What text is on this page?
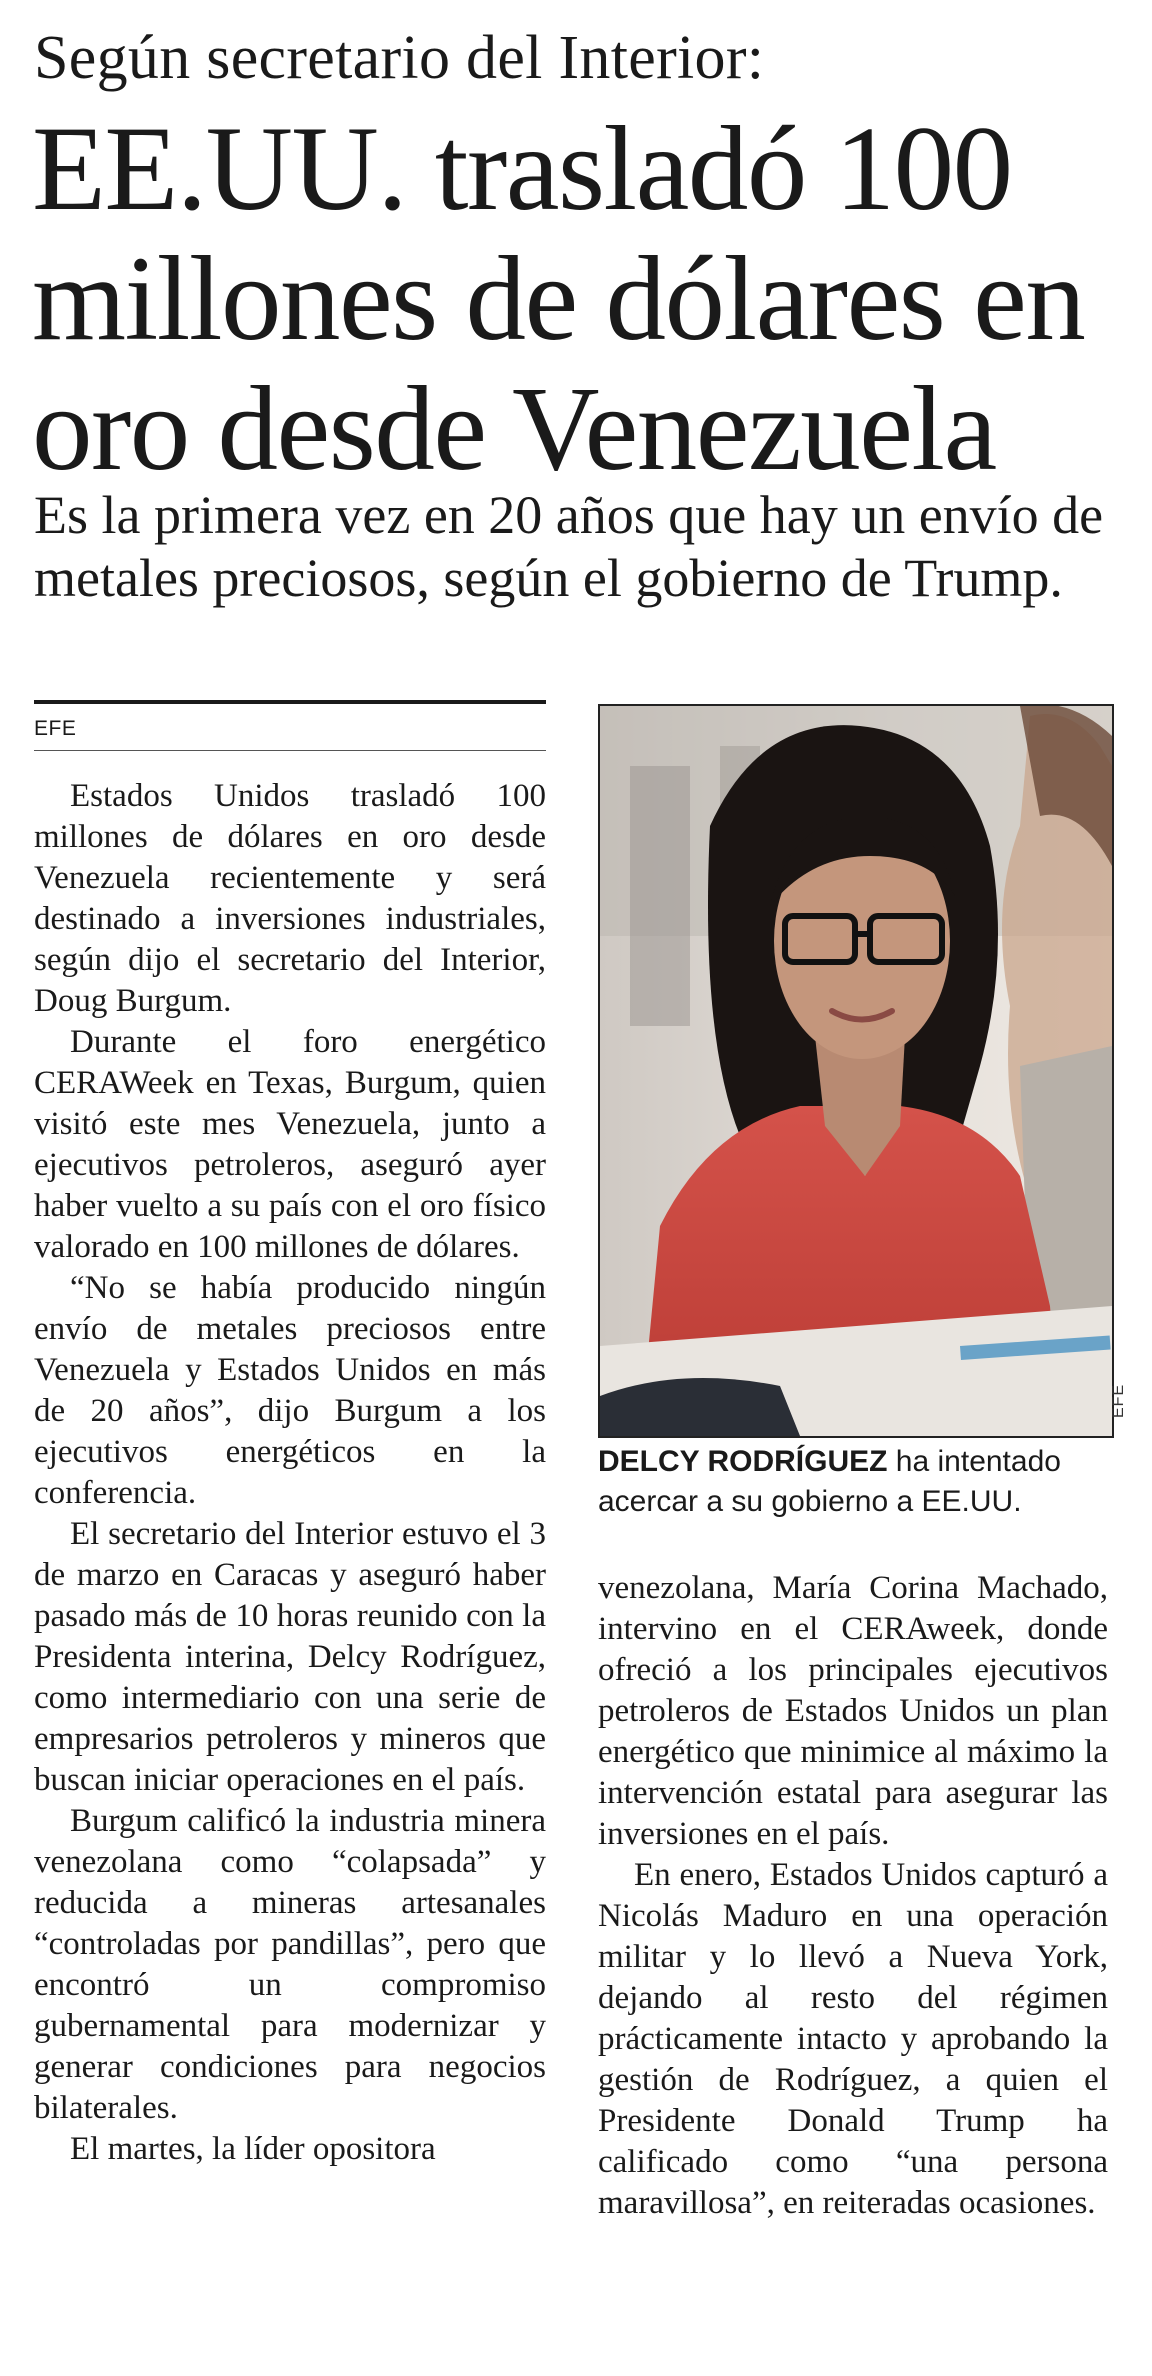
Según secretario del Interior:
EE.UU. trasladó 100 millones de dólares en oro desde Venezuela
Es la primera vez en 20 años que hay un envío de metales preciosos, según el gobierno de Trump.
EFE

Estados Unidos trasladó 100 millones de dólares en oro desde Venezuela recientemente y será destinado a inversiones industriales, según dijo el secretario del Interior, Doug Burgum.

Durante el foro energético CERAWeek en Texas, Burgum, quien visitó este mes Venezuela, junto a ejecutivos petroleros, aseguró ayer haber vuelto a su país con el oro físico valorado en 100 millones de dólares.

“No se había producido ningún envío de metales preciosos entre Venezuela y Estados Unidos en más de 20 años”, dijo Burgum a los ejecutivos energéticos en la conferencia.

El secretario del Interior estuvo el 3 de marzo en Caracas y aseguró haber pasado más de 10 horas reunido con la Presidenta interina, Delcy Rodríguez, como intermediario con una serie de empresarios petroleros y mineros que buscan iniciar operaciones en el país.

Burgum calificó la industria minera venezolana como “colapsada” y reducida a mineras artesanales “controladas por pandillas”, pero que encontró un compromiso gubernamental para modernizar y generar condiciones para negocios bilaterales.

El martes, la líder opositora

EFE
DELCY RODRÍGUEZ ha intentado acercar a su gobierno a EE.UU.

venezolana, María Corina Machado, intervino en el CERAweek, donde ofreció a los principales ejecutivos petroleros de Estados Unidos un plan energético que minimice al máximo la intervención estatal para asegurar las inversiones en el país.

En enero, Estados Unidos capturó a Nicolás Maduro en una operación militar y lo llevó a Nueva York, dejando al resto del régimen prácticamente intacto y aprobando la gestión de Rodríguez, a quien el Presidente Donald Trump ha calificado como “una persona maravillosa”, en reiteradas ocasiones.
